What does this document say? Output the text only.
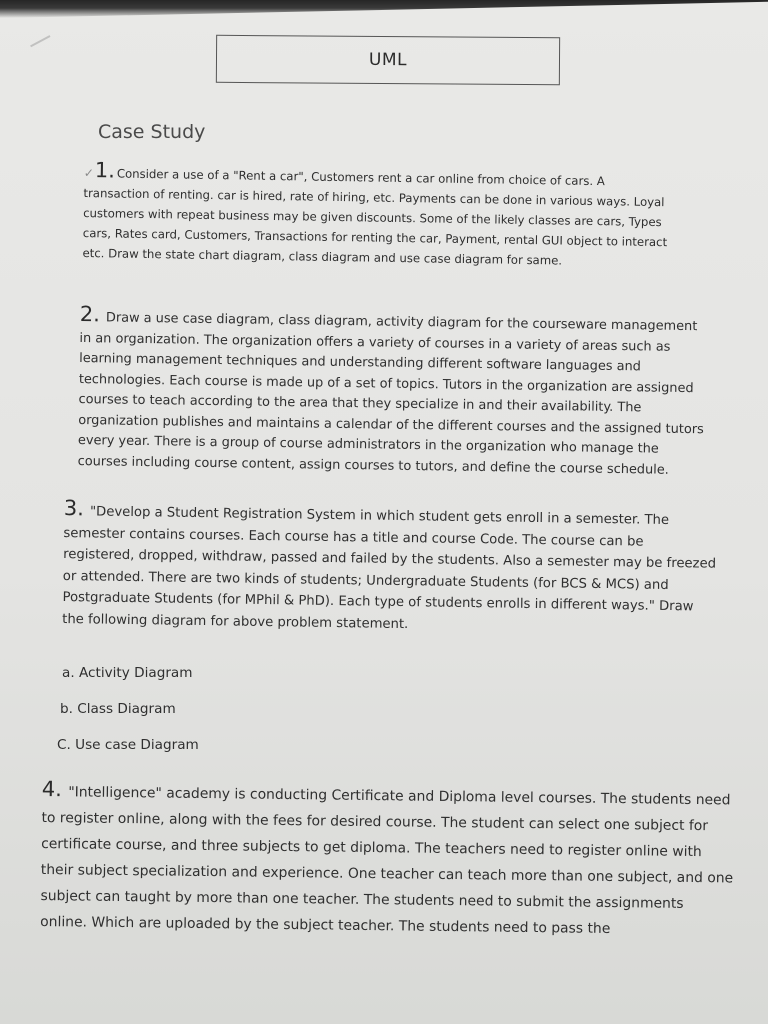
UML
Case Study
✓1. Consider a use of a "Rent a car", Customers rent a car online from choice of cars. A transaction of renting. car is hired, rate of hiring, etc. Payments can be done in various ways. Loyal customers with repeat business may be given discounts. Some of the likely classes are cars, Types cars, Rates card, Customers, Transactions for renting the car, Payment, rental GUI object to interact etc. Draw the state chart diagram, class diagram and use case diagram for same.
2. Draw a use case diagram, class diagram, activity diagram for the courseware management in an organization. The organization offers a variety of courses in a variety of areas such as learning management techniques and understanding different software languages and technologies. Each course is made up of a set of topics. Tutors in the organization are assigned courses to teach according to the area that they specialize in and their availability. The organization publishes and maintains a calendar of the different courses and the assigned tutors every year. There is a group of course administrators in the organization who manage the courses including course content, assign courses to tutors, and define the course schedule.
3. "Develop a Student Registration System in which student gets enroll in a semester. The semester contains courses. Each course has a title and course Code. The course can be registered, dropped, withdraw, passed and failed by the students. Also a semester may be freezed or attended. There are two kinds of students; Undergraduate Students (for BCS & MCS) and Postgraduate Students (for MPhil & PhD). Each type of students enrolls in different ways." Draw the following diagram for above problem statement.
a. Activity Diagram
b. Class Diagram
C. Use case Diagram
4. "Intelligence" academy is conducting Certificate and Diploma level courses. The students need to register online, along with the fees for desired course. The student can select one subject for certificate course, and three subjects to get diploma. The teachers need to register online with their subject specialization and experience. One teacher can teach more than one subject, and one subject can taught by more than one teacher. The students need to submit the assignments online. Which are uploaded by the subject teacher. The students need to pass the
